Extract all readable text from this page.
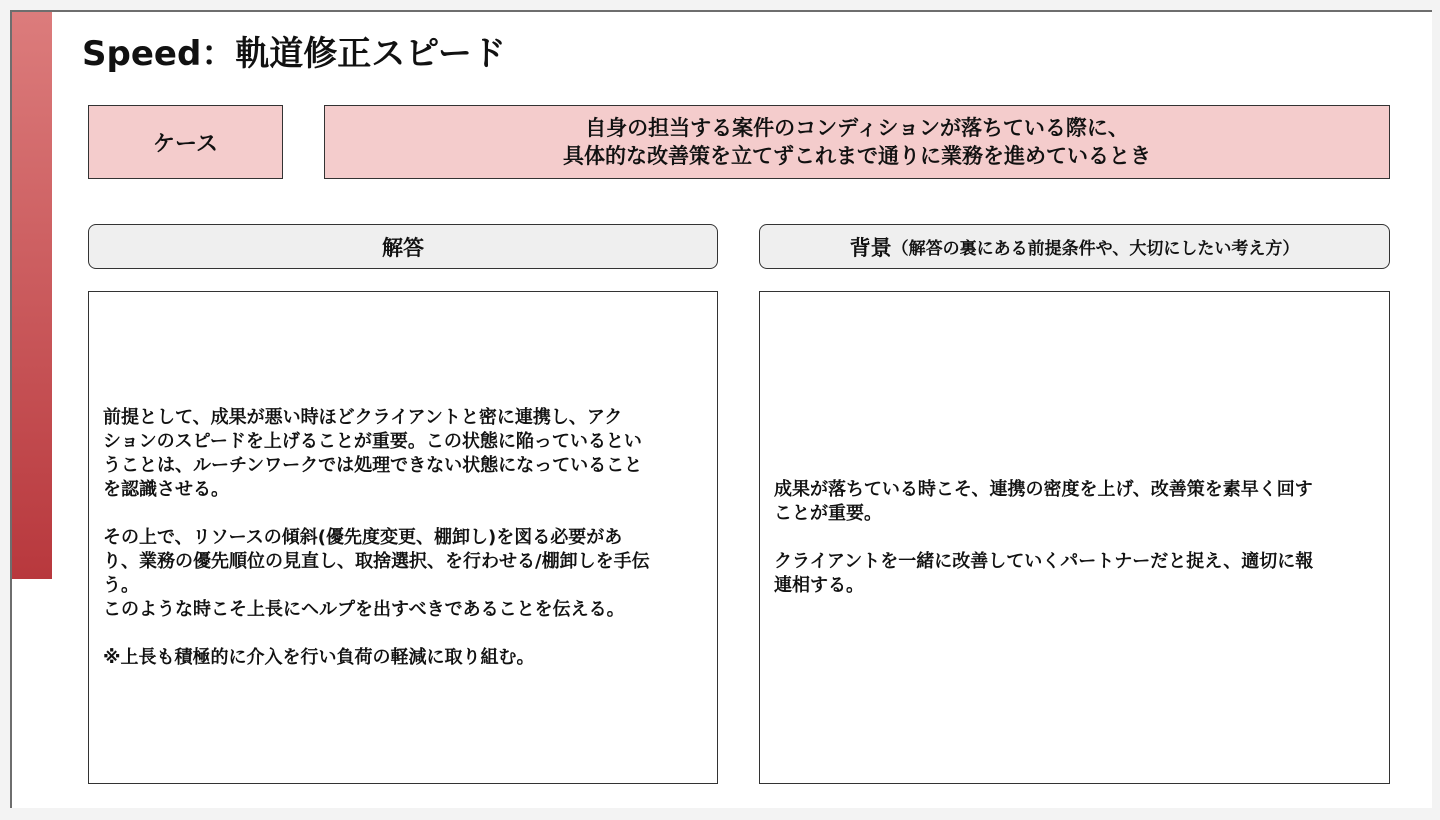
Speed：軌道修正スピード
ケース
自身の担当する案件のコンディションが落ちている際に、
具体的な改善策を立てずこれまで通りに業務を進めているとき
解答	背景 （解答の裏にある前提条件や、大切にしたい考え方）

前提として、成果が悪い時ほどクライアントと密に連携し、アク
ションのスピードを上げることが重要。この状態に陥っているとい
うことは、ルーチンワークでは処理できない状態になっていること
を認識させる。

その上で、リソースの傾斜(優先度変更、棚卸し)を図る必要があ
り、業務の優先順位の見直し、取捨選択、を行わせる/棚卸しを手伝
う。
このような時こそ上長にヘルプを出すべきであることを伝える。

※上長も積極的に介入を行い負荷の軽減に取り組む。

成果が落ちている時こそ、連携の密度を上げ、改善策を素早く回す
ことが重要。

クライアントを一緒に改善していくパートナーだと捉え、適切に報
連相する。
